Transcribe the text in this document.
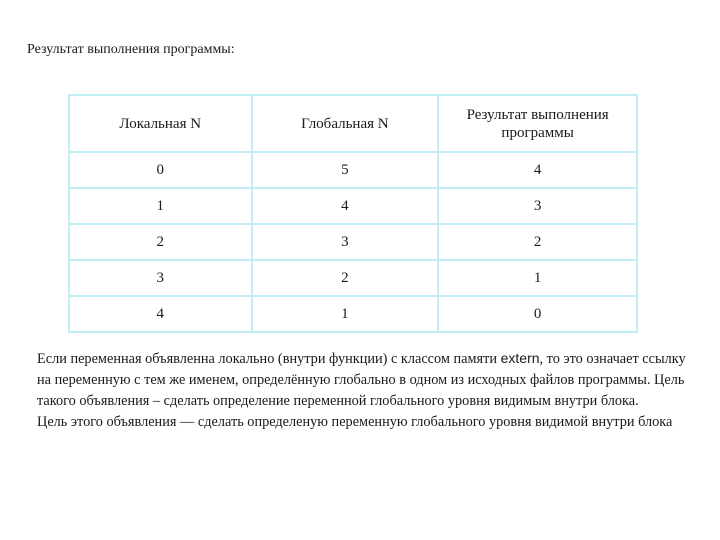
Результат выполнения программы:
Локальная N	Глобальная N	Результат выполнения программы
0	5	4
1	4	3
2	3	2
3	2	1
4	1	0

Если переменная объявленна локально (внутри функции) с классом памяти extern, то это означает ссылку на переменную с тем же именем, определённую глобально в одном из исходных файлов программы. Цель такого объявления – сделать определение переменной глобального уровня видимым внутри блока.

Цель этого объявления — сделать определеную переменную глобального уровня видимой внутри блока
